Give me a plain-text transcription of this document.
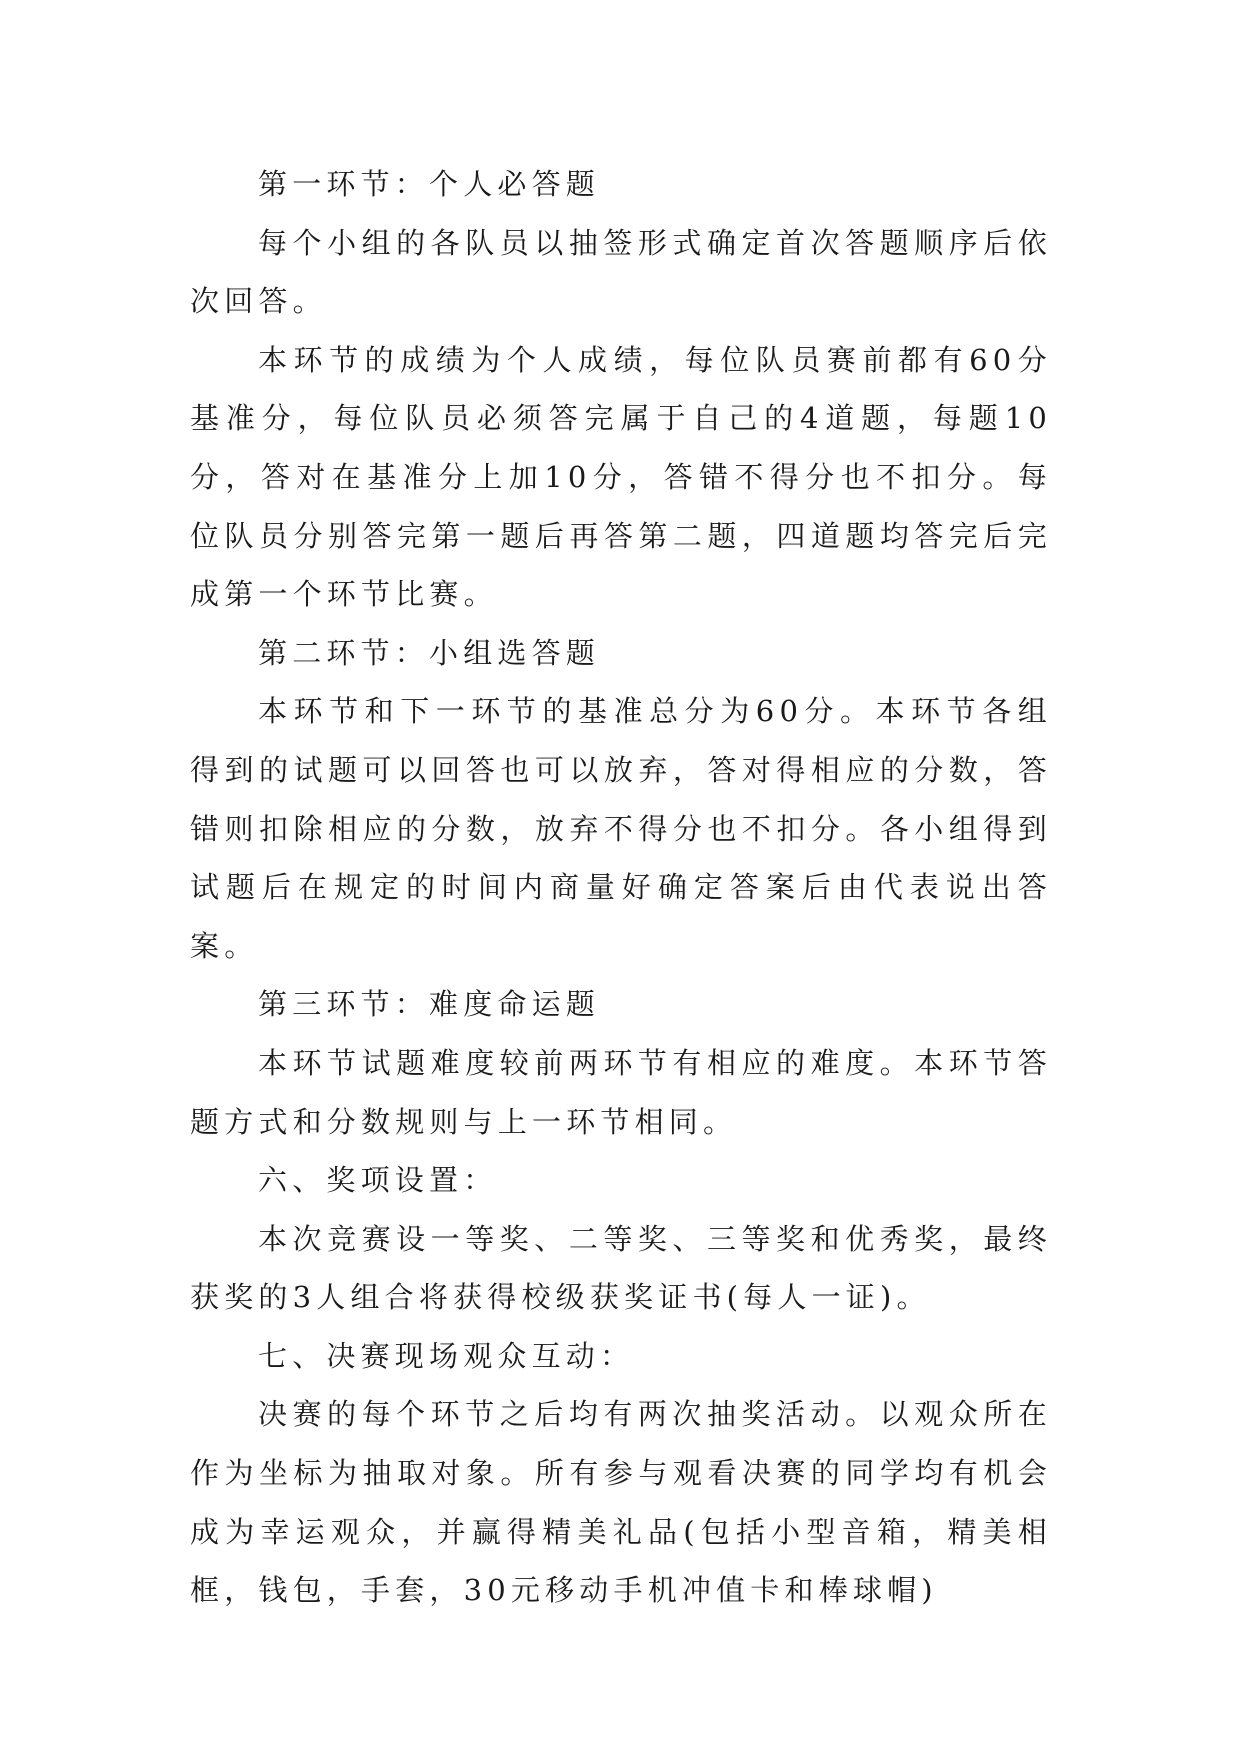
第一环节：个人必答题

每个小组的各队员以抽签形式确定首次答题顺序后依次回答。

本环节的成绩为个人成绩，每位队员赛前都有60分基准分，每位队员必须答完属于自己的4道题，每题10分，答对在基准分上加10分，答错不得分也不扣分。每位队员分别答完第一题后再答第二题，四道题均答完后完成第一个环节比赛。

第二环节：小组选答题

本环节和下一环节的基准总分为60分。本环节各组得到的试题可以回答也可以放弃，答对得相应的分数，答错则扣除相应的分数，放弃不得分也不扣分。各小组得到试题后在规定的时间内商量好确定答案后由代表说出答案。

第三环节：难度命运题

本环节试题难度较前两环节有相应的难度。本环节答题方式和分数规则与上一环节相同。

六、奖项设置：

本次竞赛设一等奖、二等奖、三等奖和优秀奖，最终获奖的3人组合将获得校级获奖证书(每人一证)。

七、决赛现场观众互动：

决赛的每个环节之后均有两次抽奖活动。以观众所在作为坐标为抽取对象。所有参与观看决赛的同学均有机会成为幸运观众，并赢得精美礼品(包括小型音箱，精美相框，钱包，手套，30元移动手机冲值卡和棒球帽)
